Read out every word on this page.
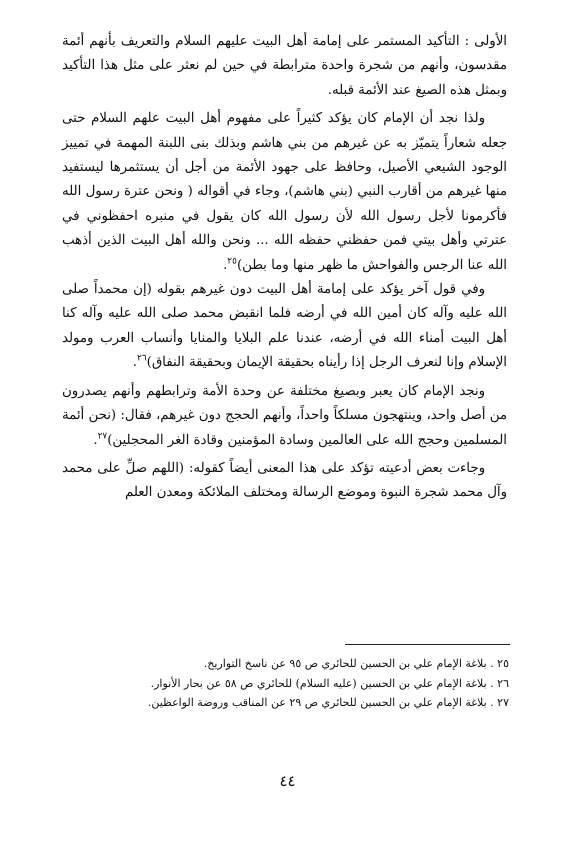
الأولى : التأكيد المستمر على إمامة أهل البيت عليهم السلام والتعريف بأنهم أئمة مقدسون، وأنهم من شجرة واحدة مترابطة في حين لم نعثر على مثل هذا التأكيد وبمثل هذه الصيغ عند الأئمة قبله.

ولذا نجد أن الإمام كان يؤكد كثيراً على مفهوم أهل البيت علهم السلام حتى جعله شعاراً يتميّز به عن غيرهم من بني هاشم وبذلك بنى اللبنة المهمة في تمييز الوجود الشيعي الأصيل، وحافظ على جهود الأئمة من أجل أن يستثمرها ليستفيد منها غيرهم من أقارب النبي (بني هاشم)، وجاء في أقواله ( ونحن عترة رسول الله فأكرمونا لأجل رسول الله لأن رسول الله كان يقول في منبره احفظوني في عترتي وأهل بيتي فمن حفظني حفظه الله ... ونحن والله أهل البيت الذين أذهب الله عنا الرجس والفواحش ما ظهر منها وما بطن)$^{٢٥}$.

وفي قول آخر يؤكد على إمامة أهل البيت دون غيرهم بقوله (إن محمداً صلى الله عليه وآله كان أمين الله في أرضه فلما انقبض محمد صلى الله عليه وآله كنا أهل البيت أمناء الله في أرضه، عندنا علم البلايا والمنايا وأنساب العرب ومولد الإسلام وإنا لنعرف الرجل إذا رأيناه بحقيقة الإيمان وبحقيقة النفاق)$^{٢٦}$.

ونجد الإمام كان يعبر وبصيغ مختلفة عن وحدة الأمة وترابطهم وأنهم يصدرون من أصل واحد، وينتهجون مسلكاً واحداً، وأنهم الحجج دون غيرهم، فقال: (نحن أئمة المسلمين وحجج الله على العالمين وسادة المؤمنين وقادة الغر المحجلين)$^{٢٧}$.

وجاءت بعض أدعيته تؤكد على هذا المعنى أيضاً كقوله: (اللهم صلِّ على محمد وآل محمد شجرة النبوة وموضع الرسالة ومختلف الملائكة ومعدن العلم

٢٥ . بلاغة الإمام علي بن الحسين للحائري ص ٩٥ عن ناسخ التواريخ.
٢٦ . بلاغة الإمام علي بن الحسين (عليه السلام) للحائري ص ٥٨ عن بحار الأنوار.
٢٧ . بلاغة الإمام علي بن الحسين للحائري ص ٢٩ عن المناقب وروضة الواعظين.
٤٤
